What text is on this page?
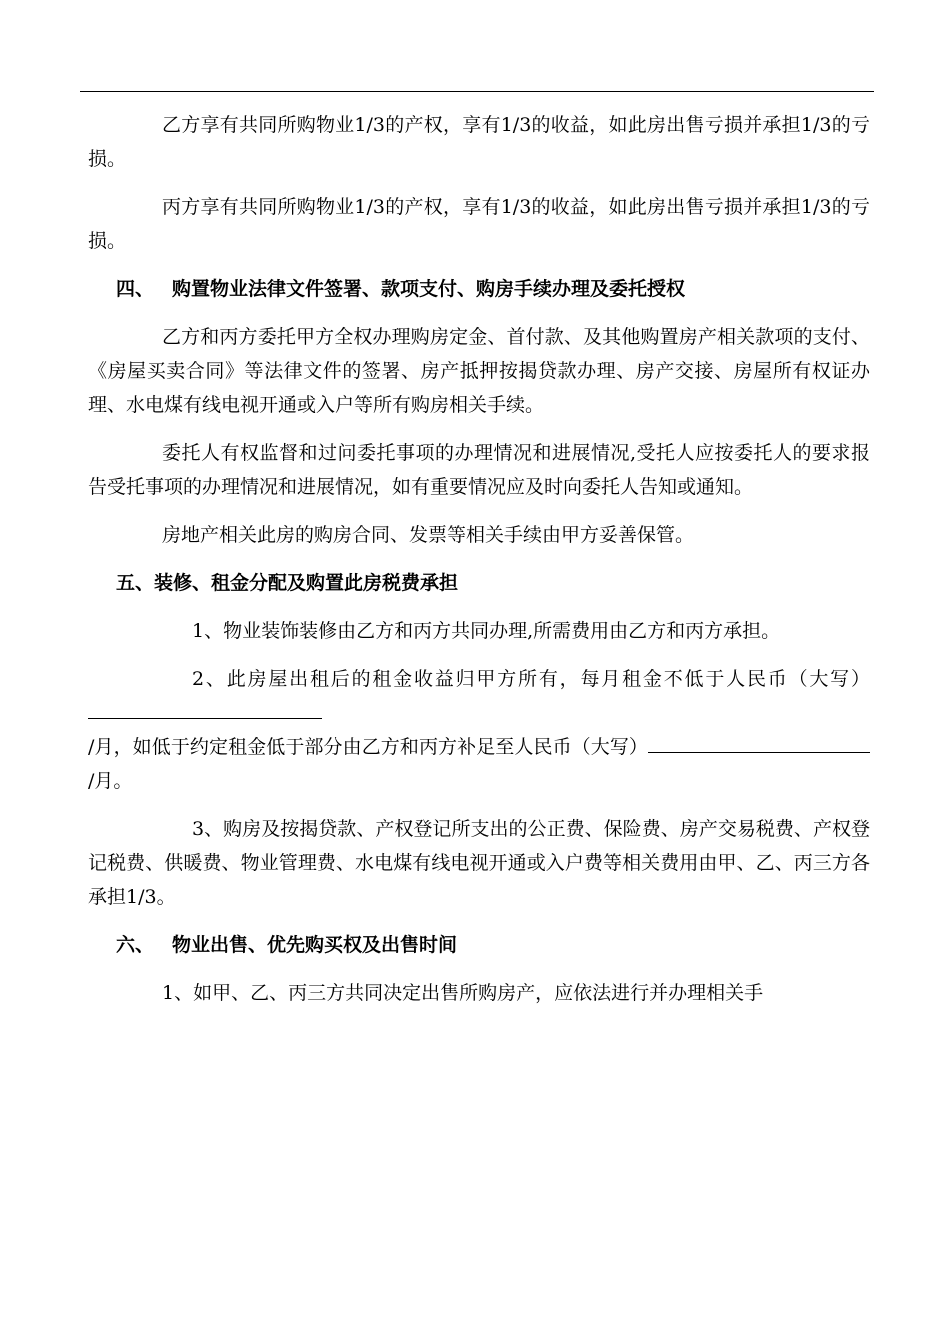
乙方享有共同所购物业1/3的产权，享有1/3的收益，如此房出售亏损并承担1/3的亏损。

丙方享有共同所购物业1/3的产权，享有1/3的收益，如此房出售亏损并承担1/3的亏损。

四、 购置物业法律文件签署、款项支付、购房手续办理及委托授权

乙方和丙方委托甲方全权办理购房定金、首付款、及其他购置房产相关款项的支付、《房屋买卖合同》等法律文件的签署、房产抵押按揭贷款办理、房产交接、房屋所有权证办理、水电煤有线电视开通或入户等所有购房相关手续。

委托人有权监督和过问委托事项的办理情况和进展情况,受托人应按委托人的要求报告受托事项的办理情况和进展情况，如有重要情况应及时向委托人告知或通知。

房地产相关此房的购房合同、发票等相关手续由甲方妥善保管。

五、装修、租金分配及购置此房税费承担

1、物业装饰装修由乙方和丙方共同办理,所需费用由乙方和丙方承担。

2、此房屋出租后的租金收益归甲方所有，每月租金不低于人民币（大写）/月，如低于约定租金低于部分由乙方和丙方补足至人民币（大写）/月。

3、购房及按揭贷款、产权登记所支出的公正费、保险费、房产交易税费、产权登记税费、供暖费、物业管理费、水电煤有线电视开通或入户费等相关费用由甲、乙、丙三方各承担1/3。

六、 物业出售、优先购买权及出售时间

1、如甲、乙、丙三方共同决定出售所购房产，应依法进行并办理相关手
